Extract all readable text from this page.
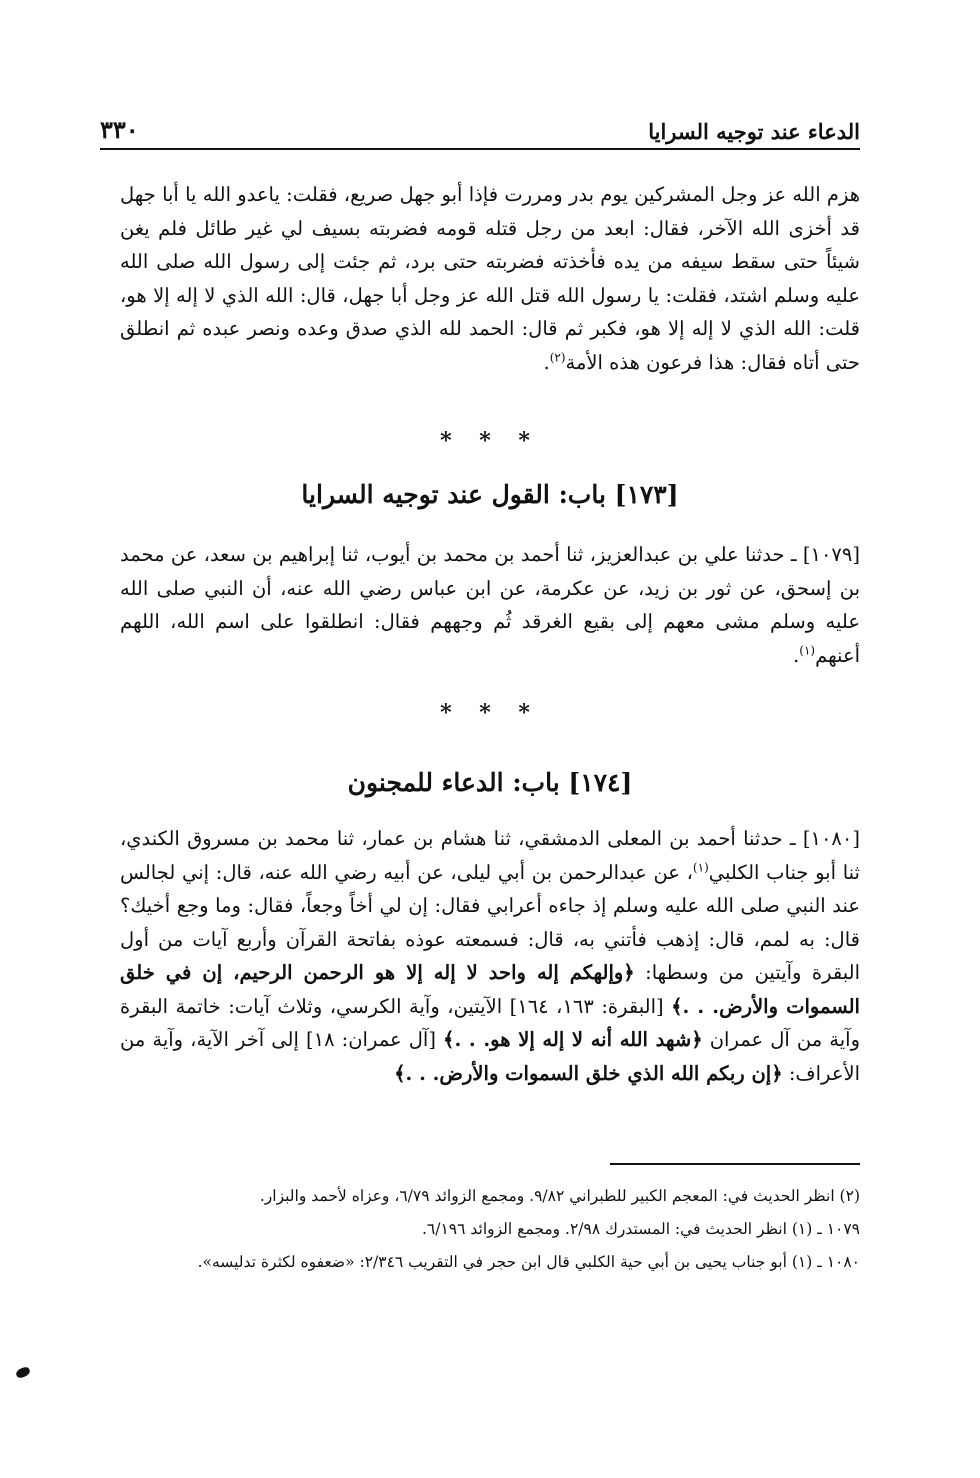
الدعاء عند توجيه السرايا
٣٣٠

هزم الله عز وجل المشركين يوم بدر ومررت فإذا أبو جهل صريع، فقلت: ياعدو الله يا أبا جهل قد أخزى الله الآخر، فقال: ابعد من رجل قتله قومه فضربته بسيف لي غير طائل فلم يغن شيئاً حتى سقط سيفه من يده فأخذته فضربته حتى برد، ثم جئت إلى رسول الله صلى الله عليه وسلم اشتد، فقلت: يا رسول الله قتل الله عز وجل أبا جهل، قال: الله الذي لا إله إلا هو، قلت: الله الذي لا إله إلا هو، فكبر ثم قال: الحمد لله الذي صدق وعده ونصر عبده ثم انطلق حتى أتاه فقال: هذا فرعون هذه الأمة$^{(٢)}$.

* * *
[١٧٣] باب: القول عند توجيه السرايا

[١٠٧٩] ـ حدثنا علي بن عبدالعزيز، ثنا أحمد بن محمد بن أيوب، ثنا إبراهيم بن سعد، عن محمد بن إسحق، عن ثور بن زيد، عن عكرمة، عن ابن عباس رضي الله عنه، أن النبي صلى الله عليه وسلم مشى معهم إلى بقيع الغرقد ثُم وجههم فقال: انطلقوا على اسم الله، اللهم أعنهم$^{(١)}$.

* * *
[١٧٤] باب: الدعاء للمجنون

[١٠٨٠] ـ حدثنا أحمد بن المعلى الدمشقي، ثنا هشام بن عمار، ثنا محمد بن مسروق الكندي، ثنا أبو جناب الكلبي$^{(١)}$، عن عبدالرحمن بن أبي ليلى، عن أبيه رضي الله عنه، قال: إني لجالس عند النبي صلى الله عليه وسلم إذ جاءه أعرابي فقال: إن لي أخاً وجعاً، فقال: وما وجع أخيك؟ قال: به لمم، قال: إذهب فأتني به، قال: فسمعته عوذه بفاتحة القرآن وأربع آيات من أول البقرة وآيتين من وسطها: ﴿وإلهكم إله واحد لا إله إلا هو الرحمن الرحيم، إن في خلق السموات والأرض. . .﴾ [البقرة: ١٦٣، ١٦٤] الآيتين، وآية الكرسي، وثلاث آيات: خاتمة البقرة وآية من آل عمران ﴿شهد الله أنه لا إله إلا هو. . .﴾ [آل عمران: ١٨] إلى آخر الآية، وآية من الأعراف: ﴿إن ربكم الله الذي خلق السموات والأرض. . .﴾

(٢) انظر الحديث في: المعجم الكبير للطبراني ٩/٨٢. ومجمع الزوائد ٦/٧٩، وعزاه لأحمد والبزار.
١٠٧٩ ـ (١) انظر الحديث في: المستدرك ٢/٩٨. ومجمع الزوائد ٦/١٩٦.
١٠٨٠ ـ (١) أبو جناب يحيى بن أبي حية الكلبي قال ابن حجر في التقريب ٢/٣٤٦: «ضعفوه لكثرة تدليسه».
